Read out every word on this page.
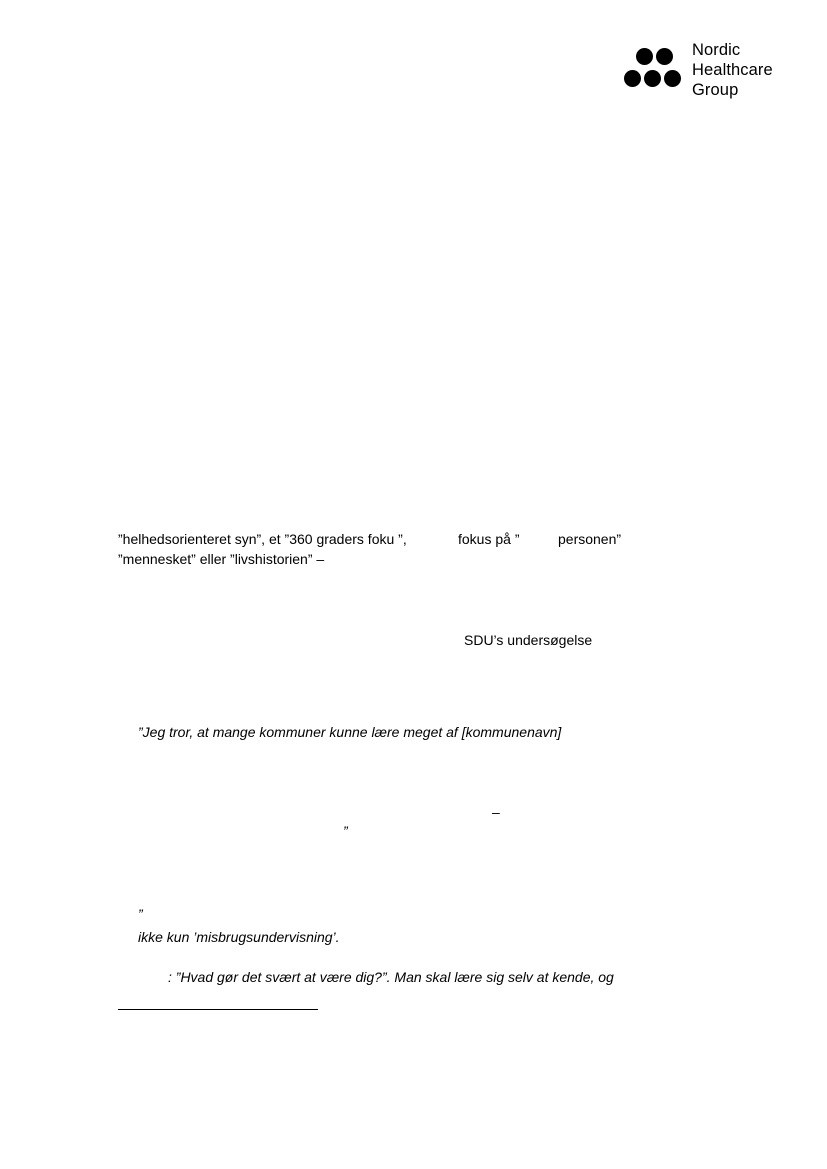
Nordic
Healthcare
Group
”helhedsorienteret syn”, et ”360 graders foku ”,	fokus på ”	personen”
”mennesket” eller ”livshistorien” –
SDU’s undersøgelse
”Jeg tror, at mange kommuner kunne lære meget af [kommunenavn]
–
”
”
ikke kun ’misbrugsundervisning’.
: ”Hvad gør det svært at være dig?”. Man skal lære sig selv at kende, og
